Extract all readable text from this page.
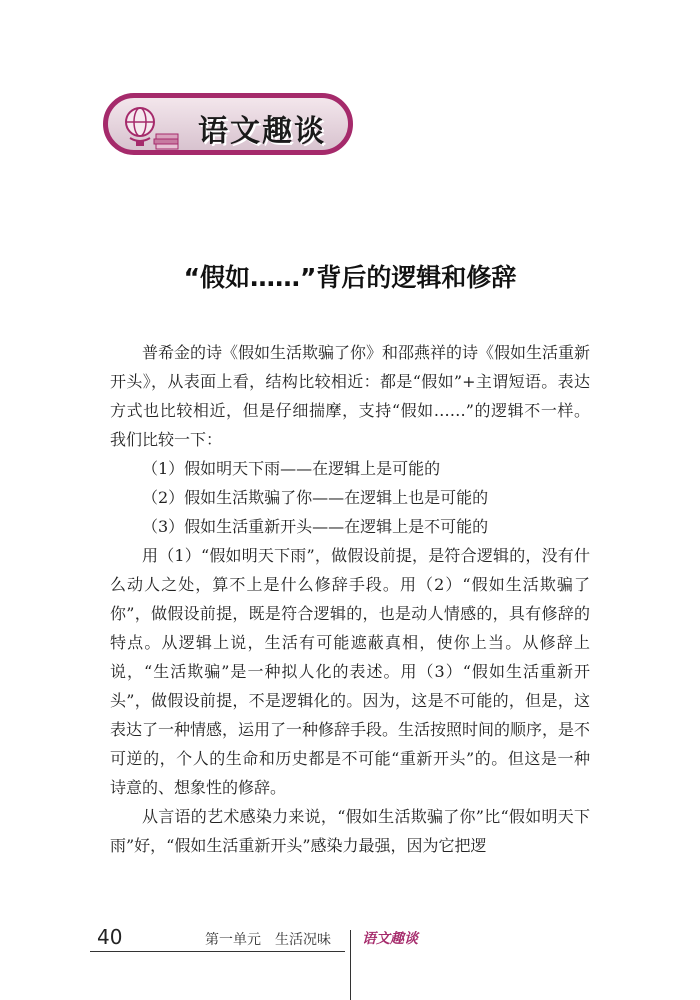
语文趣谈
“假如……”背后的逻辑和修辞

普希金的诗《假如生活欺骗了你》和邵燕祥的诗《假如生活重新开头》，从表面上看，结构比较相近：都是“假如”+主谓短语。表达方式也比较相近，但是仔细揣摩，支持“假如……”的逻辑不一样。我们比较一下：

（1）假如明天下雨——在逻辑上是可能的

（2）假如生活欺骗了你——在逻辑上也是可能的

（3）假如生活重新开头——在逻辑上是不可能的

用（1）“假如明天下雨”，做假设前提，是符合逻辑的，没有什么动人之处，算不上是什么修辞手段。用（2）“假如生活欺骗了你”，做假设前提，既是符合逻辑的，也是动人情感的，具有修辞的特点。从逻辑上说，生活有可能遮蔽真相，使你上当。从修辞上说，“生活欺骗”是一种拟人化的表述。用（3）“假如生活重新开头”，做假设前提，不是逻辑化的。因为，这是不可能的，但是，这表达了一种情感，运用了一种修辞手段。生活按照时间的顺序，是不可逆的，个人的生命和历史都是不可能“重新开头”的。但这是一种诗意的、想象性的修辞。

从言语的艺术感染力来说，“假如生活欺骗了你”比“假如明天下雨”好，“假如生活重新开头”感染力最强，因为它把逻

40	第一单元　生活况味 语文趣谈
